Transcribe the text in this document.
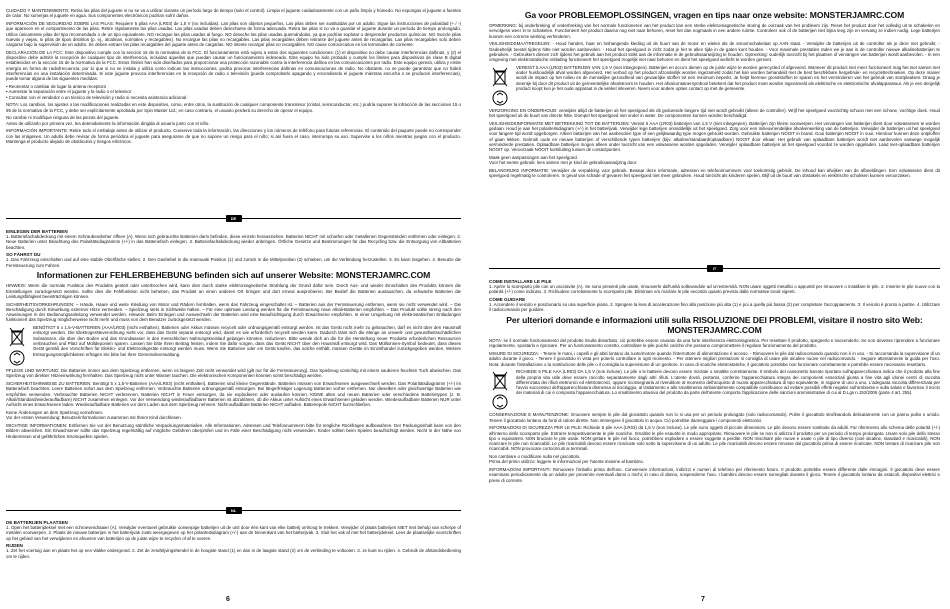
CUIDADO Y MANTENIMIENTO: Retira las pilas del juguete si no se va a utilizar durante un período largo de tiempo (solo el control). Limpia el juguete cuidadosamente con un paño limpio y húmedo. No expongas el juguete a fuentes de calor. No sumerjas el juguete en agua. Sus componentes electrónicos podrían sufrir daños.

INFORMACIÓN DE SEGURIDAD SOBRE LAS PILAS: Requiere 5 pilas AAA (LR03) de 1,5 V (no incluidas). Las pilas son objetos pequeños. Las pilas deben ser sustituidas por un adulto. Sigue las instrucciones de polaridad (+ / -) que aparecen en el compartimento de las pilas. Retire rápidamente las pilas usadas. Las pilas usadas deben desecharse de forma adecuada. Retira las pilas si no va a guardar el juguete durante un período de tiempo prolongado. Utilice únicamente pilas del tipo recomendado o de un tipo equivalente. NO recargue las pilas usadas al fuego. NO deseche las pilas usadas quemándolas, ya que podrían explotar o desprender productos químicos. NO mezcle pilas nuevas y viejas, ni pilas de tipos distintos (p. ej., alcalinas, normales y recargables). No recargue las pilas no recargables. Las pilas recargables deben retirarse del juguete antes de recargarlas. Las pilas recargables solo deben cargarse bajo la supervisión de un adulto. Se deben extraer las pilas recargables del juguete antes de cargarlas. NO intente recargar pilas no recargables. NO cause cortocircuitos en los terminales de corriente.

DECLARACIÓN DE LA FCC: Este dispositivo cumple con la sección 15 de la normativa de la FCC. El funcionamiento está sujeto a estas dos siguientes condiciones: (1) el dispositivo no debe causar interferencias dañinas, y (2) el dispositivo debe admitir la recepción de cualquier tipo de interferencia, incluidas aquellas que puedan causar un funcionamiento indeseado. Este equipo ha sido probado y cumple los límites para dispositivos de clase B digital establecidos en la sección 15 de la normativa de la FCC. Estos límites han sido diseñados para proporcionar una protección razonable contra la interferencia dañina en las comunicaciones por radio. Este equipo genera, utiliza y emite energía en forma de radiofrecuencia, por lo que si no se instala y utiliza como indican las instrucciones, podría provocar interferencias dañinas en comunicaciones de radio. No obstante, no se puede garantizar que no habrá interferencias en una instalación determinada. Si este juguete provoca interferencias en la recepción de radio o televisión (puede comprobarlo apagando y encendiendo el juguete mientras escucha o se producen interferencias), puede tomar alguna de las siguientes medidas:

• Reorientar o cambiar de lugar la antena receptora
• Aumentar la separación entre el juguete y la radio o el televisor
• Consultar con el vendedor o un técnico de televisión y radio si necesita asistencia adicional.

NOTA: Los cambios, los ajustes o las modificaciones realizadas en este dispositivo, como, entre otros, la sustitución de cualquier componente transmisor (cristal, semiconductor, etc.) podría suponer la infracción de las secciones 15 o 95 de la normativa de la FCC, y debe ser explícitamente aprobada por Spin Master Ltd.; en caso contrario, el usuario perderá su derecho de operar el equipo.

No cambie ni modifique ninguna de las piezas del juguete.
Antes de utilizarlo por primera vez, lea detenidamente la información dirigida al usuario junto con el niño.

INFORMACIÓN IMPORTANTE: Retire todo el embalaje antes de utilizar el producto. Conserve toda la información, las direcciones y los números de teléfono para futuras referencias. El contenido del paquete puede no corresponder con las imágenes. Un adulto debe revisar de forma periódica el juguete para asegurarse de que no supone un riesgo para el niño; si así fuera el caso, interrumpa su uso. Supervise a los niños mientras juegan con el producto. Mantenga el producto alejado de obstáculos y riesgos eléctricos.

DE
EINLEGEN DER BATTERIEN

1. Batteriefachabdeckung mit einem Schraubendreher öffnen (A). Wenn sich gebrauchte Batterien darin befinden, diese einzeln herausziehen. Batterien NICHT mit scharfen oder metallenen Gegenständen entfernen oder einlegen. 2. Neue Batterien unter Beachtung des Polaritätsdiagramms (+/-) in das Batteriefach einlegen. 3. Batteriefachabdeckung wieder anbringen. Örtliche Gesetze und Bestimmungen für das Recycling bzw. die Entsorgung von Altbatterien beachten.

SO FÄHRST DU

1. Das Fahrzeug einschalten und auf eine stabile Oberfläche stellen. 2. Den Gashebel in die mannuale Position (1) und zurück in die Mittelposition (2) schieben, um die Verbindung herzustellen. 3. Es kann losgehen. 4. Benutze die Fernsteuerung zum Fahren.

Informationen zur FEHLERBEHEBUNG befinden sich auf unserer Website: MONSTERJAMRC.COM

HINWEIS: Wenn die normale Funktion des Produkts gestört oder unterbrochen wird, kann dies durch starke elektromagnetische Strahlung der Grund dafür sein. Durch Aus- und wieder Einschalten des Produkts können die Einstellungen zurückgesetzt werden. Sollte dies die Fehlfunktion nicht beheben, das Produkt an einen anderen Ort bringen und dort erneut ausprobieren. Bei Bedarf die Batterien austauschen, da schwache Batterien die Leistungsfähigkeit beeinträchtigen können.

SICHERHEITSVORKEHRUNGEN: – Hände, Haare und weite Kleidung von Motor und Rädern fernhalten, wenn das Fahrzeug eingeschaltet ist. – Batterien aus der Fernsteuerung entfernen, wenn sie nicht verwendet wird. – Die Beschädigung durch Einwirkung extremer Hitze vermeiden. – Spielzeug stets in Sichtweite halten. – Für eine optimale Leistung werden für die Fernsteuerung neue Alkali-Batterien empfohlen. – Das Produkt sollte streng nach den Anweisungen in der Bedienungsanleitung verwendet werden. Hinweis: Beim Einlegen und Auswechseln der Batterien wird eine Beaufsichtigung durch Erwachsene empfohlen. In einer Umgebung mit elektrostatischen Entladungen funktioniert das Spielzeug möglicherweise nicht mehr und muss von dem Benutzer zurückgesetzt werden.

BENÖTIGT 5 x 1,5-V-BATTERIEN (AAA/LR03) (nicht enthalten). Batterien oder Akkus müssen recycelt oder ordnungsgemäß entsorgt werden. Ist das Gerät nicht mehr zu gebrauchen, darf es nicht über den Hausmüll entsorgt werden. Die Elektrogeräteverordnung sieht vor, dass das Gerät separat entsorgt wird, damit es wie erforderlich recycelt werden kann. Dadurch lässt sich die Menge an umwelt- und gesundheitsschädlichen Substanzen, die über den Boden und das Grundwasser in den menschlichen Nahrungskreislauf gelangen könnten, reduzieren. Bitte wende dich an die für die Herstellung neuer Produkte erforderlichen Ressourcen verbrauchen und Platz auf Mülldeponien sparen. Lassen Sie bitte Ihren Beitrag leisten, indem Sie dafür sorgen, dass das Gerät NICHT über den Hausmüll entsorgt wird. Das Mülltonnen-Symbol bedeutet, dass dieses Gerät gemäß den Vorschriften für Elektro- und Elektronikgeräte entsorgt werden muss. Wenn Sie Batterien oder ein Gerät kaufen, das solche enthält, müssen Geräte im Einzelhandel zurückgegeben werden. Weitere Entsorgungsmöglichkeiten erfragen Sie bitte bei Ihrer Gemeindeverwaltung.

PFLEGE UND WARTUNG: Die Batterien immer aus dem Spielzeug entfernen, wenn es längere Zeit nicht verwendet wird (gilt nur für die Fernsteuerung). Das Spielzeug vorsichtig mit einem sauberen feuchten Tuch abwischen. Das Spielzeug von direkter Hitzeeinwirkung fernhalten. Das Spielzeug nicht unter Wasser tauchen. Die elektronischen Komponenten könnten sonst beschädigt werden.

SICHERHEITSHINWEISE ZU BATTERIEN: Benötigt 5 x 1,5-V-Batterien (AAA/LR03) (nicht enthalten). Batterien sind kleine Gegenstände. Batterien müssen von Erwachsenen ausgewechselt werden. Das Polaritätsdiagramm (+/-) im Batteriefach beachten. Leere Batterien sofort aus dem Spielzeug entfernen. Verbrauchte Batterien ordnungsgemäß entsorgen. Bei längerfristiger Lagerung Batterien vorher entfernen. Nur dieselben oder gleichwertige Batterien wie empfohlen verwenden. Verbrauchte Batterien NICHT verbrennen. Batterien NICHT in Feuer entsorgen, da sie explodieren oder auslaufen können. KEINE alten und neuen Batterien oder verschiedene Batterietypen (z. B. Alkali/Standard/wiederaufladbare) NICHT zusammen einlegen. Vor der Verwendung wiederaufladbarer Batterien ist abzuklären, ob die Akkus unter Aufsicht eines Erwachsenen geladen werden. Wiederaufladbare Batterien NUR unter Aufsicht eines Erwachsenen laden. Wiederaufladbare Batterien vor dem Laden aus dem Spielzeug nehmen. Nicht-aufladbare Batterien NICHT aufladen. Batteriepole NICHT kurzschließen.

Keine Änderungen an dem Spielzeug vornehmen.
Vor der ersten Verwendung: Benutzerinformationen zusammen mit Ihrem Kind durchlesen.

WICHTIGE INFORMATIONEN: Entfernen Sie vor der Benutzung sämtliche Verpackungsmaterialien. Alle Informationen, Adressen und Telefonnummern bitte für mögliche Rückfragen aufbewahren. Der Packungsinhalt kann von den Bildern abweichen. Ein Erwachsener sollte das Spielzeug regelmäßig auf mögliche Gefahren überprüfen und im Falle einer Beschädigung nicht verwenden. Kinder sollten beim Spielen beaufsichtigt werden. Nicht in der Nähe von Hindernissen und gefährlichen Stromquellen spielen.

NL
DE BATTERIJEN PLAATSEN

1. Open het batterijdeksel met een schroevendraaier (A). Verwijder eventueel gebruikte oorwerpige batterijen uit de unit door één kant van elke batterij omhoog te trekken. Verwijder of plaats batterijen NIET met behulp van scherpe of metalen voorwerpen. 2. Plaats de nieuwe batterijen in het batterijvak zoals weergegeven op het polariteitsdiagram (+/-) aan de binnenkant van het batterijvak. 3. Sluit het vak af met het batterijdeksel. Lees de plaatselijke voorschriften op het gebied van het verwijderen en afvoeren van batterijen op de juiste wijze te recyclen of af te voeren.

RIJDEN

1. Zet het voertuig aan en plaats het op een vlakke ondergrond. 2. Zet de zendtrijvingshendel in de hoogste stand (1) en dan in de laagste stand (2) om de verbinding te voltooien. 3. Je kunt nu rijden. 4. Gebruik de afstandsbediening om te rijden.

6
Ga voor PROBLEEMOPLOSSINGEN, vragen en tips naar onze website: MONSTERJAMRC.COM

OPMERKING: bij onderbreking of onderbreking van het normale functioneren van het product kan een sterke elektromagnetische storing de oorzaak van het probleem zijn. Reset het product door het volledig uit te schakelen en vervolgens weer in te schakelen. Functioneert het product daarna nog niet naar behoren, reset het dan nogmaals in een andere ruimte. Controleer ook of de batterijen niet bijna leeg zijn en vervang ze indien nodig. Lege batterijen kunnen een correcte werking verhinderen.

VEILIGHEIDSMAATREGELEN: - Houd handen, haar en loshangende kleding uit de buurt van de motor en wielen als de stroomschakelaar op AAN staat. - Verwijder de batterijen uit de controller als je deze niet gebruikt. - Gedeeltelijk toestel tijdens hitte niet worden aanbevolen. - Houd het speelgoed in zicht zodat je het te allen tijde in de gaten kunt houden. - Voor maximale prestaties raden we je aan in de controller nieuwe alkalinebatterijen te gebruiken. - Gebruikers dienen zich tijdens het gebruik aan het product strikt aan de informatie in de gebruiksaanwijzing te houden. Opmerking: ouderlijk toezicht bij het plaatsen of vervangen van batterijen wordt aanbevolen. - In een omgeving met elektrostatische ontlading functioneert het speelgoed mogelijk niet naar behoren en dient het speelgoed wellicht te worden gereset.

VEREIST 5 AAA (LR03) BATTERIJEN VAN 1,5 V (niet inbegrepen). Batterijen en accu's dienen op de juiste wijze te worden gerecycled of afgevoerd. Wanneer dit product niet meer functioneert mag het niet samen met ander huishoudelijk afval worden afgevoerd. Het verbod op het product afzonderlijk worden ingezameld zodat het kan worden behandeld met de best beschikbare hergebruik- en recyclettechnieken. Op deze manier wordt de impact op het milieu en de menselijke gezondheid van gevaarlijke stoffen tot een minimum beperkt. Je helpt hiermee grondstoffen te sparen en het verminderen van het gebruik van stortplaatsen. Draag je steentje bij door dit product uit de gemeentelijke afvalstroom te houden. Het afvalcontainersymbool betekent dat het product moet worden ingezameld als elektrische en elektronische afvalapparatuur. Als je een dergelijk product koopt kun je het oude apparaat in de winkel inleveren. Neem voor andere opties contact op met de gemeente.

VERZORGING EN ONDERHOUD: verwijder altijd de batterijen uit het speelgoed als dit gedurende langere tijd niet wordt gebruikt (alleen de controller). Wrijf het speelgoed voorzichtig schoon met een schone, vochtige doek. Houd het speelgoed uit de buurt van directe hitte. Dompel het speelgoed niet onder in water. De componenten kunnen worden beschadigd.

VEILIGHEIDSINFORMATIE MET BETREKKING TOT DE BATTERIJEN: Vereist 5 AAA (LR03) batterijen van 1,5 V (niet inbegrepen). Batterijen zijn kleine voorwerpen. Het vervangen van batterijen dient door volwassenen te worden gedaan. Houd je aan het polariteitsdiagram (+/-) in het batterijvak. Verwijder lege batterijen onmiddellijk uit het speelgoed. Zorg voor een milieuvriendelijke afvalverwerking van de batterijen. Verwijder de batterijen uit het speelgoed voor langere tijd wordt opgeborgen. Alleen batterijen van het aanbevolen type of een gelijkwaardig type mogen gebruikt worden. Gebruikte batterijen NOOIT in brand. Gooi batterijen NOOIT in vuur. Hierdoor kunnen deze ontploffen of gaan lekken. Gebruik oude en nieuwe batterijen of verschillende typen batterijen (bijv. alkaline/standaard/oplaadbare) NOOIT door elkaar. Het gebruik van oplaadbare batterijen wordt niet aanbevolen vanwege mogelijk verminderde prestaties. Oplaadbare batterijen mogen alleen onder toezicht van een volwassene worden opgeladen. Verwijder oplaadbare batterijen uit het speelgoed voordat ze worden opgeladen. Laad niet-oplaadbare batterijen NOOIT op. Veroorzaak NOOIT kortsluiting tussen de contactpunten.

Maak geen aanpassingen aan het speelgoed.
Voor het eerste gebruik: lees samen met je kind de gebruiksaanwijzing door.

BELANGRIJKE INFORMATIE: Verwijder de verpakking voor gebruik. Bewaar deze informatie, adressen en telefoonnummers voor toekomstig gebruik. De inhoud kan afwijken van de afbeeldingen. Een volwassene dient dit speelgoed regelmatig te controleren. In geval van schade of gevaren het speelgoed niet meer gebruiken. Houd toezicht als kinderen spelen. Blijf uit de buurt van obstakels en elektrische schokken kunnen veroorzaken.

IT
COME INSTALLARE LE PILE

1. Aprire lo scomparto pile con un cacciavite (A). Se sono presenti pile usate, rimuoverle dall'unità sollevandole ad un'estremità. NON usare oggetti metallici o appuntiti per rimuovere o installare le pile. 2. Inserire le pile nuove con la polarità (+/-) come indicato. 3. Richiudere correttamente lo scomparto pile. Eliminare e/o riciclare le pile secondo quanto previsto dalle normative locali vigenti.

COME GUIDARE

1. Accendere il veicolo e posizionarlo su una superficie piana. 2. Spingere la leva di accelerazione fino alla posizione più alta (1) e poi a quella più bassa (2) per completare l'accoppiamento. 3. Il veicolo è pronto a partire. 4. Utilizzare il radiocomando per guidare.

Per ulteriori domande e informazioni utili sulla RISOLUZIONE DEI PROBLEMI, visitare il nostro sito Web: MONSTERJAMRC.COM

NOTA: se il normale funzionamento del prodotto risulta disturbato, ciò potrebbe essere causato da una forte interferenza elettromagnetica. Per resettare il prodotto, spegnerlo e riaccenderlo. Se non dovesse riprendere a funzionare regolarmente, spostarlo e riprovare. Per un funzionamento corretto, controllare le pile poiché cariche che possono compromettere il regolare funzionamento del prodotto.

MISURE DI SICUREZZA: - Tenere le mani, i capelli e gli abiti lontano da ruote/motore quando l'interruttore di alimentazione è acceso. - Rimuovere le pile dal radiocomando quando non è in uso. - Si raccomanda la supervisione di un adulto durante il gioco. - Tenere il giocattolo in vista per poterlo controllare in ogni momento. - Per ottenere migliori prestazioni si consiglia di usare pile alcaline nuove nel radiocomando. - Seguire attentamente la guida per l'uso. Nota: durante l'installazione o la sostituzione delle pile o il consiglia la supervisione di un genitore. In caso di scariche elettrostatiche, il giocattolo potrebbe non funzionare correttamente e potrebbe essere necessario resettarlo.

RICHIEDE 5 PILE AAA (LR03) DA 1,5 V (non incluse). Le pile o le batterie devono essere riciclate o smaltite correttamente. Il simbolo del cassonetto barrato riportato sull'apparecchiatura indica che il prodotto alla fine della propria vita utile deve essere raccolto separatamente dagli altri rifiuti. L'utente dovrà, pertanto, conferire l'apparecchiatura integra dei componenti essenziali giunta a fine vita agli idonei centri di raccolta differenziata dei rifiuti elettronici ed elettrotecnici, oppure riconsegnarla al rivenditore al momento dell'acquisto di nuova apparecchiatura di tipo equivalente, in ragione di uno a uno. L'adeguata raccolta differenziata per l'avvio successivo dell'apparecchiatura dismessa al riciclaggio, al trattamento e allo smaltimento ambientalmente compatibile contribuisce ad evitare possibili effetti negativi sull'ambiente e sulla salute e favorisce il riciclo dei materiali di cui è composta l'apparecchiatura. Lo smaltimento abusivo del prodotto da parte dell'utente comporta l'applicazione delle sanzioni amministrative di cui al D.Lgs n.152/2006 (parte 4 art. 255).

CONSERVAZIONE E MANUTENZIONE: rimuovere sempre le pile dal giocattolo quando non lo si usa per un periodo prolungato (solo radiocomando). Pulire il giocattolo strofinandolo delicatamente con un panno pulito e umido. Tenere il giocattolo lontano da fonti di calore dirette. Non immergere il giocattolo in acqua. Ciò potrebbe danneggiare i componenti elettronici.

INFORMAZIONI DI SICUREZZA PER LE PILE: Richiede 5 pile AAA (LR03) da 1,5 V (non incluse). Le pile sono oggetti di piccole dimensioni. Le pile devono essere sostituite da adulti. Far riferimento allo schema delle polarità (+/-) all'interno dello scomparto pile. Estrarre tempestivamente le pile scariche. Smaltire le pile esaurite in modo appropriato. Rimuovere le pile se non si utilizza il prodotto per un periodo di tempo prolungato. Usare solo pile dello stesso tipo o equivalenti. NON bruciare le pile usate. NON gettare le pile nel fuoco, potrebbero esplodere o essere soggette a perdite. NON mischiare pile nuove e usate o pile di tipo diverso (cioè alcaline, standard e ricaricabili). NON ricaricare le pile non ricaricabili. Le pile ricaricabili devono essere ricaricate solo sotto la supervisione di un adulto. Le pile ricaricabili devono essere rimosse dal giocattolo prima di essere ricaricate. NON tentare di ricaricare pile non ricaricabili. NON provocare cortocircuiti ai terminali.

Non cambiare o modificare nulla nel giocattolo.
Prima del primo utilizzo: leggere le informazioni per l'utente insieme al bambino.

INFORMAZIONI IMPORTANTI: Rimuovere l'imballo prima dell'uso. Conservare informazioni, indirizzi e numeri di telefono per riferimento futuro. Il prodotto potrebbe essere differente dalle immagini. Il giocattolo deve essere esaminato periodicamente da un adulto per prevenire eventuali danni o rischi; in caso di danno, sospenderne l'uso. I bambini devono essere sorvegliati durante il gioco. Tenere il giocattolo lontano da ostacoli, dispositivi elettrici e prese di corrente.

7
